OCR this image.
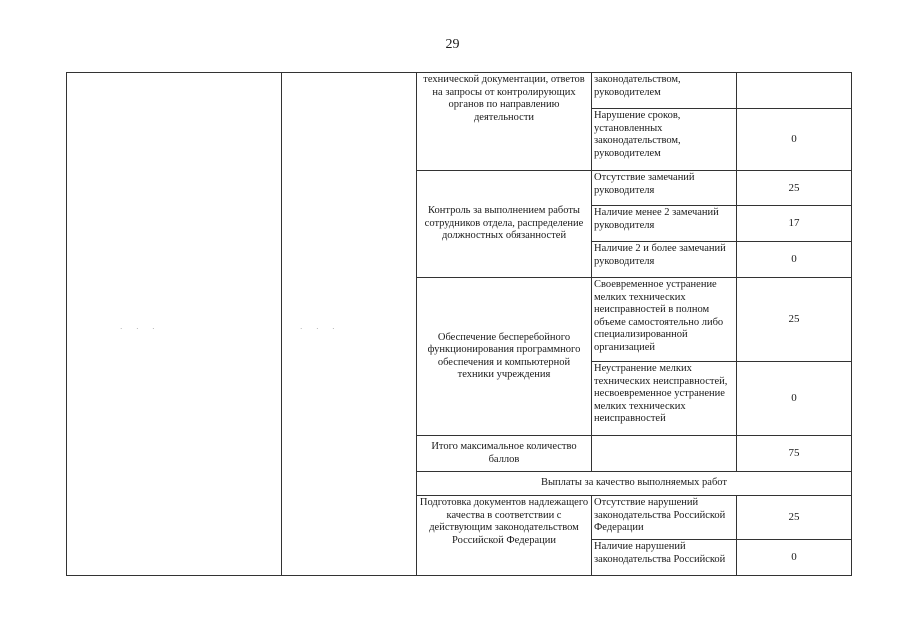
29
		технической документации, ответов на запросы от контролирующих органов по направлению деятельности	законодательством, руководителем	
			Нарушение сроков, установленных законодательством, руководителем	0
		Контроль за выполнением работы сотрудников отдела, распределение должностных обязанностей	Отсутствие замечаний руководителя	25
			Наличие менее 2 замечаний руководителя	17
			Наличие 2 и более замечаний руководителя	0
		Обеспечение бесперебойного функционирования программного обеспечения и компьютерной техники учреждения	Своевременное устранение мелких технических неисправностей в полном объеме самостоятельно либо специализированной организацией	25
			Неустранение мелких технических неисправностей, несвоевременное устранение мелких технических неисправностей	0
		Итого максимальное количество баллов		75
		Выплаты за качество выполняемых работ		
		Подготовка документов надлежащего качества в соответствии с действующим законодательством Российской Федерации	Отсутствие нарушений законодательства Российской Федерации	25
			Наличие нарушений законодательства Российской	0
· · ·	· · ·
